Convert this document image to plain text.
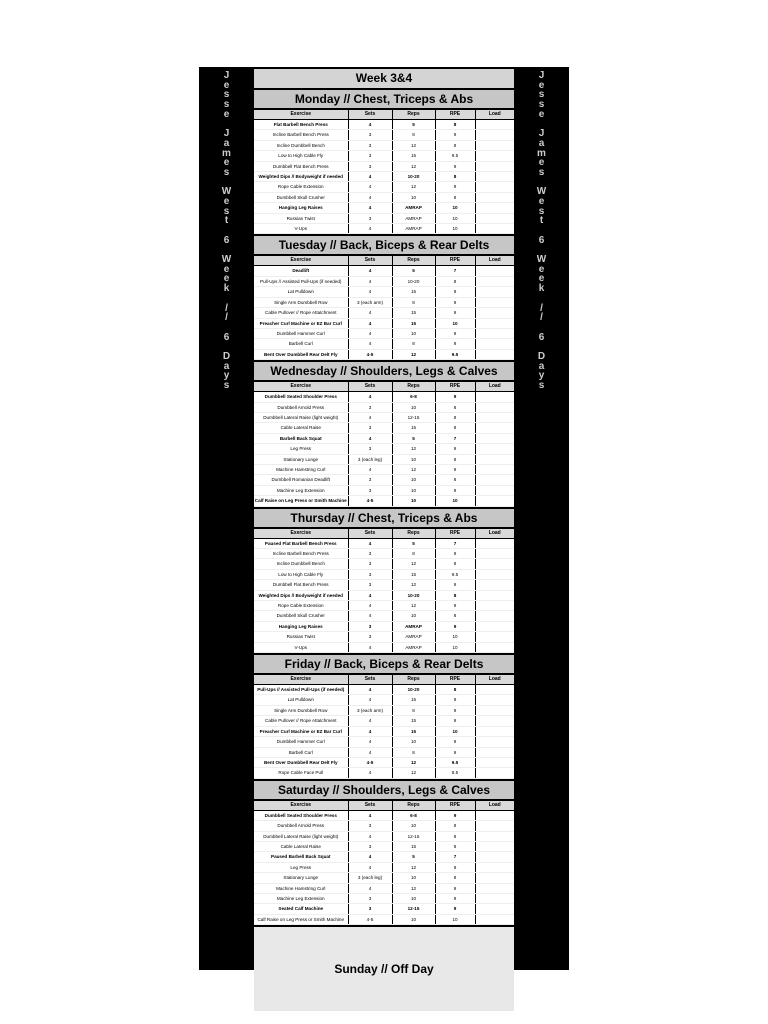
J
e
s
s
e
J
a
m
e
s
W
e
s
t
6
W
e
e
k
/
/
6
D
a
y
s
Week 3&4
Monday // Chest, Triceps & Abs
Exercise	Sets	Reps	RPE	Load
Flat Barbell Bench Press	4	5	8	
Incline Barbell Bench Press	3	8	9	
Incline Dumbbell Bench	3	12	8	
Low to High Cable Fly	3	15	9.5	
Dumbbell Flat Bench Press	3	12	9	
Weighted Dips // Bodyweight if needed	4	10-20	8	
Rope Cable Extension	4	12	9	
Dumbbell Skull Crusher	4	10	8	
Hanging Leg Raises	4	AMRAP	10	
Russian Twist	3	AMRAP	10	
V-Ups	4	AMRAP	10	
Tuesday // Back, Biceps & Rear Delts
Exercise	Sets	Reps	RPE	Load
Deadlift	4	5	7	
Pull-Ups // Assisted Pull-Ups (if needed)	4	10-20	8	
Lat Pulldown	4	15	9	
Single Arm Dumbbell Row	3 (each arm)	8	9	
Cable Pullover // Rope Attatchment	4	15	9	
Preacher Curl Machine or EZ Bar Curl	4	15	10	
Dumbbell Hammer Curl	4	10	9	
Barbell Curl	4	8	9	
Bent Over Dumbbell Rear Delt Fly	4-5	12	9.5	
Wednesday // Shoulders, Legs & Calves
Exercise	Sets	Reps	RPE	Load
Dumbbell Seated Shoulder Press	4	6-8	9	
Dumbbell Arnold Press	3	10	8	
Dumbbell Lateral Raise (light weight)	4	12-15	8	
Cable Lateral Raise	3	15	8	
Barbell Back Squat	4	5	7	
Leg Press	3	12	9	
Stationary Lunge	3 (each leg)	10	8	
Machine Hamstring Curl	4	12	9	
Dumbbell Romanian Deadlift	3	10	8	
Machine Leg Extension	3	10	9	
Calf Raise on Leg Press or Smith Machine	4-5	10	10	
Thursday // Chest, Triceps & Abs
Exercise	Sets	Reps	RPE	Load
Paused Flat Barbell Bench Press	4	5	7	
Incline Barbell Bench Press	3	8	9	
Incline Dumbbell Bench	3	12	8	
Low to High Cable Fly	3	15	9.5	
Dumbbell Flat Bench Press	3	12	9	
Weighted Dips // Bodyweight if needed	4	10-20	8	
Rope Cable Extension	4	12	9	
Dumbbell Skull Crusher	4	10	8	
Hanging Leg Raises	3	AMRAP	9	
Russian Twist	3	AMRAP	10	
V-Ups	4	AMRAP	10	
Friday // Back, Biceps & Rear Delts
Exercise	Sets	Reps	RPE	Load
Pull-Ups // Assisted Pull-Ups (if needed)	4	10-20	8	
Lat Pulldown	4	15	9	
Single Arm Dumbbell Row	3 (each arm)	8	9	
Cable Pullover // Rope Attatchment	4	15	9	
Preacher Curl Machine or EZ Bar Curl	4	15	10	
Dumbbell Hammer Curl	4	10	9	
Barbell Curl	4	8	9	
Bent Over Dumbbell Rear Delt Fly	4-5	12	9.5	
Rope Cable Face Pull	4	12	8.5	
Saturday // Shoulders, Legs & Calves
Exercise	Sets	Reps	RPE	Load
Dumbbell Seated Shoulder Press	4	6-8	9	
Dumbbell Arnold Press	3	10	8	
Dumbbell Lateral Raise (light weight)	4	12-15	8	
Cable Lateral Raise	3	15	8	
Paused Barbell Back Squat	4	5	7	
Leg Press	4	12	9	
Stationary Lunge	3 (each leg)	10	8	
Machine Hamstring Curl	4	12	9	
Machine Leg Extension	3	10	9	
Seated Calf Machine	3	12-15	9	
Calf Raise on Leg Press or Smith Machine	4-5	10	10	
Sunday // Off Day
J
e
s
s
e
J
a
m
e
s
W
e
s
t
6
W
e
e
k
/
/
6
D
a
y
s
